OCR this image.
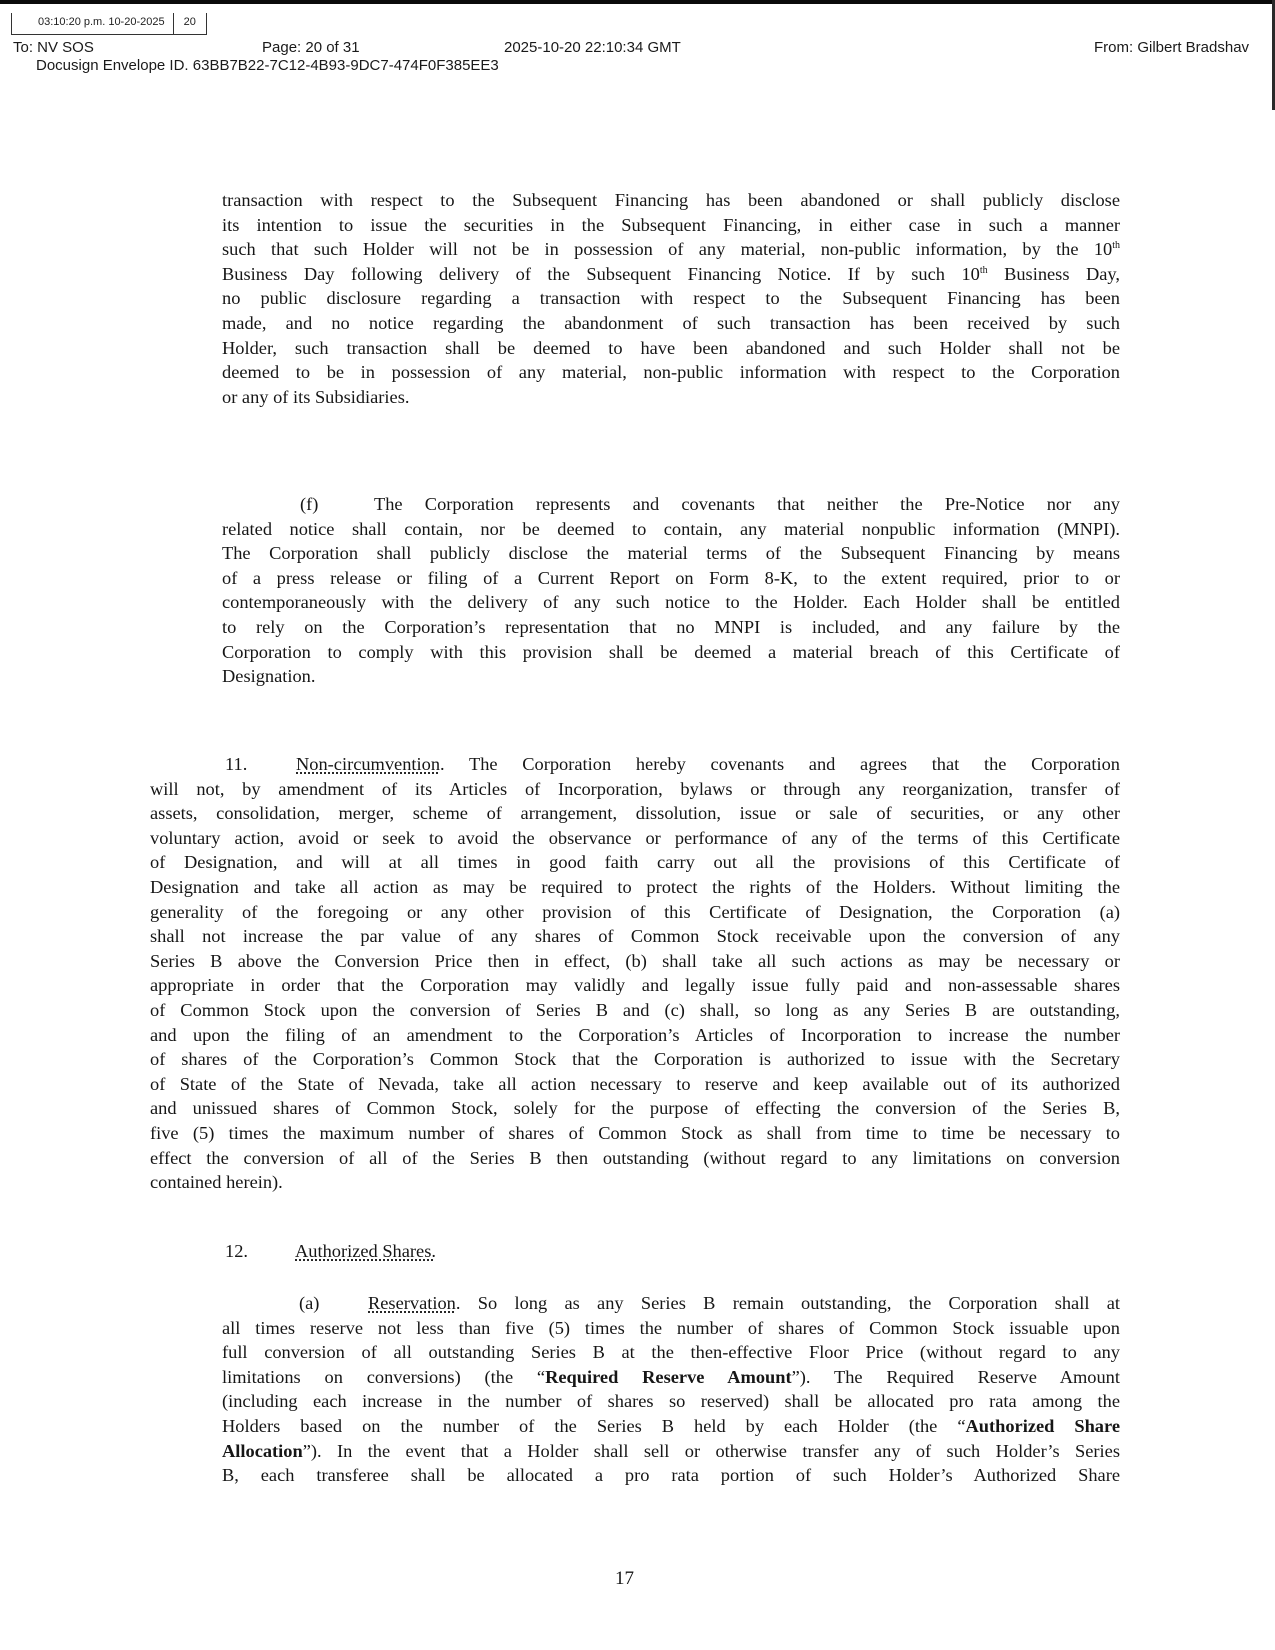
03:10:20 p.m. 10-20-2025	20
To: NV SOS	Page: 20 of 31	2025-10-20 22:10:34 GMT	From: Gilbert Bradshav
Docusign Envelope ID. 63BB7B22-7C12-4B93-9DC7-474F0F385EE3
transaction with respect to the Subsequent Financing has been abandoned or shall publicly disclose
its intention to issue the securities in the Subsequent Financing, in either case in such a manner
such that such Holder will not be in possession of any material, non-public information, by the 10th
Business Day following delivery of the Subsequent Financing Notice. If by such 10th Business Day,
no public disclosure regarding a transaction with respect to the Subsequent Financing has been
made, and no notice regarding the abandonment of such transaction has been received by such
Holder, such transaction shall be deemed to have been abandoned and such Holder shall not be
deemed to be in possession of any material, non-public information with respect to the Corporation
or any of its Subsidiaries.
(f)	The Corporation represents and covenants that neither the Pre-Notice nor any
related notice shall contain, nor be deemed to contain, any material nonpublic information (MNPI).
The Corporation shall publicly disclose the material terms of the Subsequent Financing by means
of a press release or filing of a Current Report on Form 8-K, to the extent required, prior to or
contemporaneously with the delivery of any such notice to the Holder. Each Holder shall be entitled
to rely on the Corporation’s representation that no MNPI is included, and any failure by the
Corporation to comply with this provision shall be deemed a material breach of this Certificate of
Designation.
11.	Non-circumvention. The Corporation hereby covenants and agrees that the Corporation
will not, by amendment of its Articles of Incorporation, bylaws or through any reorganization, transfer of
assets, consolidation, merger, scheme of arrangement, dissolution, issue or sale of securities, or any other
voluntary action, avoid or seek to avoid the observance or performance of any of the terms of this Certificate
of Designation, and will at all times in good faith carry out all the provisions of this Certificate of
Designation and take all action as may be required to protect the rights of the Holders. Without limiting the
generality of the foregoing or any other provision of this Certificate of Designation, the Corporation (a)
shall not increase the par value of any shares of Common Stock receivable upon the conversion of any
Series B above the Conversion Price then in effect, (b) shall take all such actions as may be necessary or
appropriate in order that the Corporation may validly and legally issue fully paid and non-assessable shares
of Common Stock upon the conversion of Series B and (c) shall, so long as any Series B are outstanding,
and upon the filing of an amendment to the Corporation’s Articles of Incorporation to increase the number
of shares of the Corporation’s Common Stock that the Corporation is authorized to issue with the Secretary
of State of the State of Nevada, take all action necessary to reserve and keep available out of its authorized
and unissued shares of Common Stock, solely for the purpose of effecting the conversion of the Series B,
five (5) times the maximum number of shares of Common Stock as shall from time to time be necessary to
effect the conversion of all of the Series B then outstanding (without regard to any limitations on conversion
contained herein).
12.	Authorized Shares.
(a)	Reservation. So long as any Series B remain outstanding, the Corporation shall at
all times reserve not less than five (5) times the number of shares of Common Stock issuable upon
full conversion of all outstanding Series B at the then-effective Floor Price (without regard to any
limitations on conversions) (the “Required Reserve Amount”). The Required Reserve Amount
(including each increase in the number of shares so reserved) shall be allocated pro rata among the
Holders based on the number of the Series B held by each Holder (the “Authorized Share
Allocation”). In the event that a Holder shall sell or otherwise transfer any of such Holder’s Series
B, each transferee shall be allocated a pro rata portion of such Holder’s Authorized Share
17
